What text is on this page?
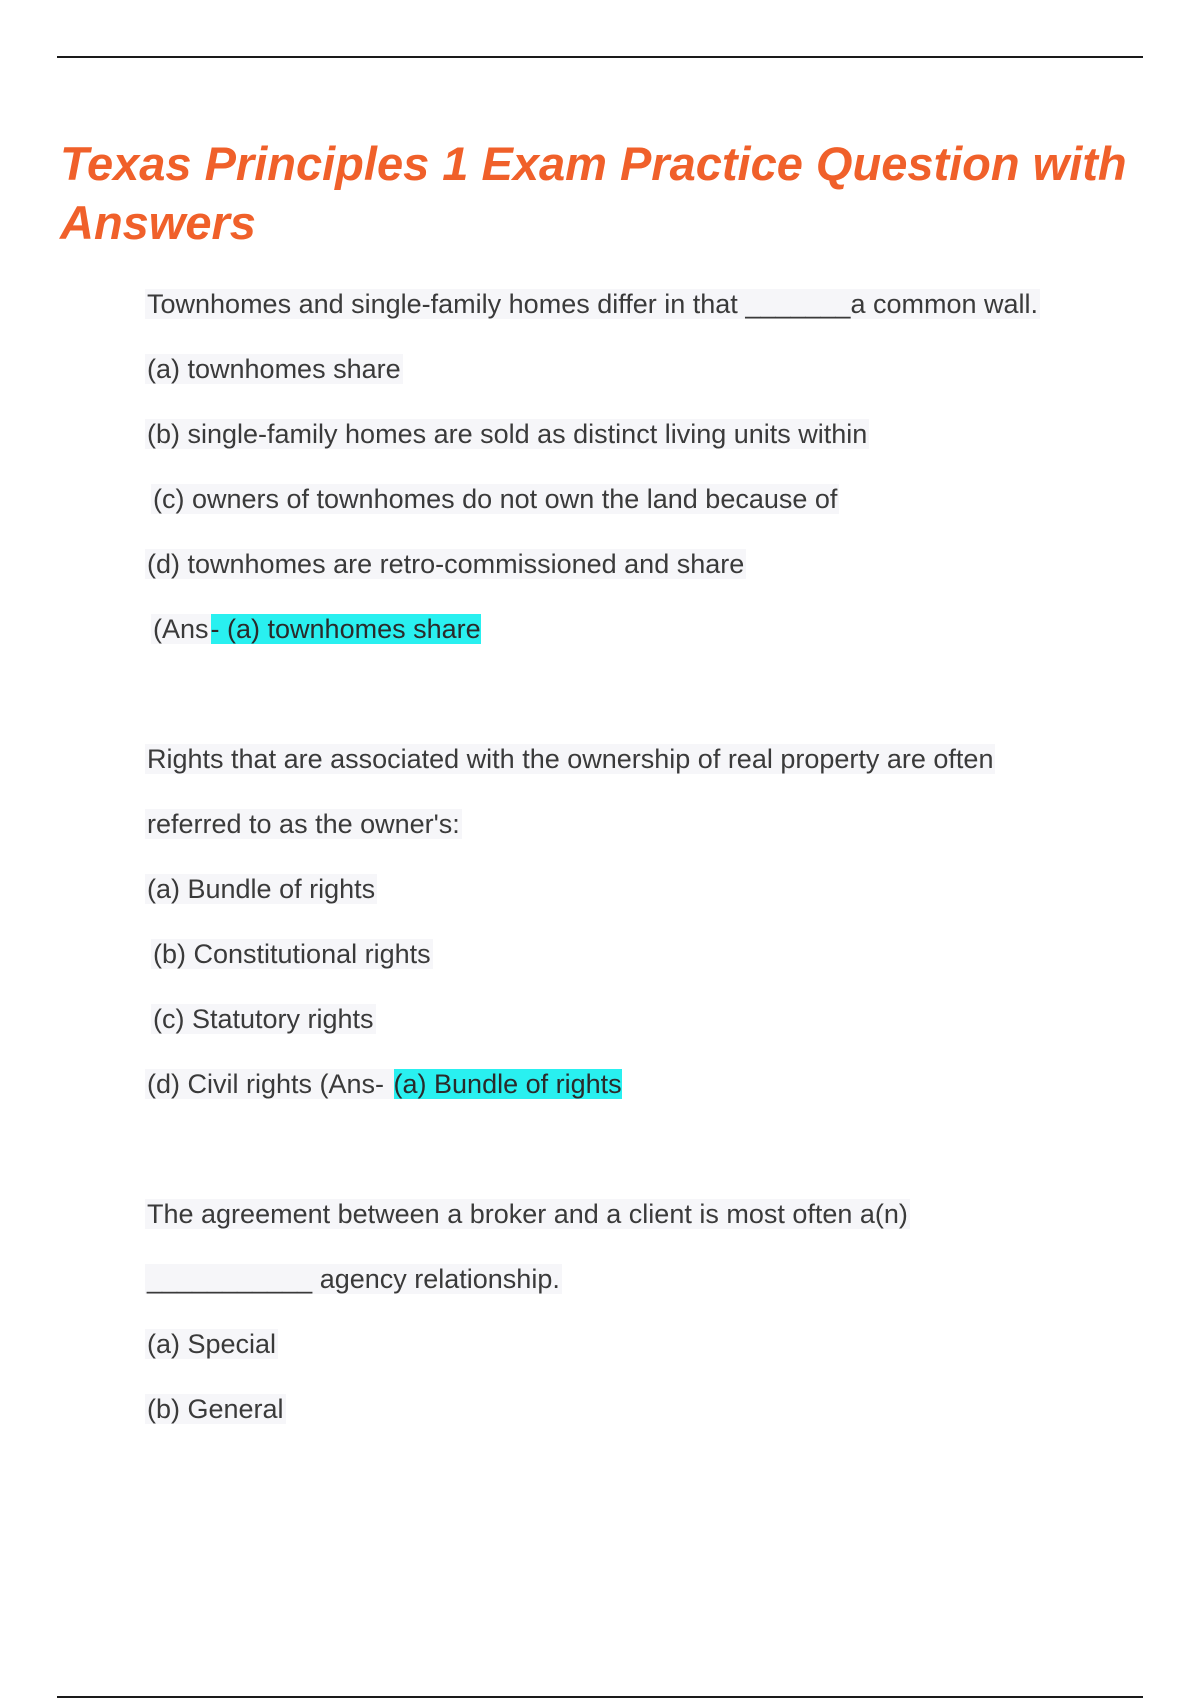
Texas Principles 1 Exam Practice Question with Answers
Townhomes and single-family homes differ in that _______a common wall.
(a) townhomes share
(b) single-family homes are sold as distinct living units within
(c) owners of townhomes do not own the land because of
(d) townhomes are retro-commissioned and share
(Ans- (a) townhomes share
Rights that are associated with the ownership of real property are often
referred to as the owner's:
(a) Bundle of rights
(b) Constitutional rights
(c) Statutory rights
(d) Civil rights (Ans- (a) Bundle of rights
The agreement between a broker and a client is most often a(n)
___________ agency relationship.
(a) Special
(b) General
